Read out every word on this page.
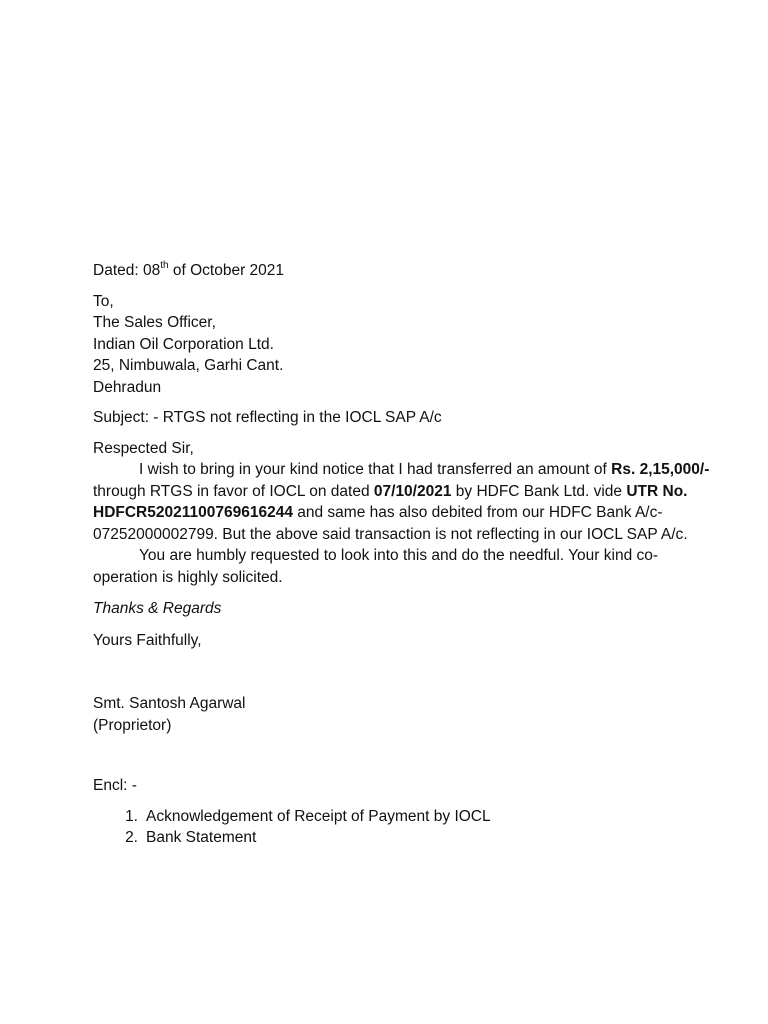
Dated: 08th of October 2021
To,
The Sales Officer,
Indian Oil Corporation Ltd.
25, Nimbuwala, Garhi Cant.
Dehradun
Subject: - RTGS not reflecting in the IOCL SAP A/c
Respected Sir,
I wish to bring in your kind notice that I had transferred an amount of Rs. 2,15,000/-
through RTGS in favor of IOCL on dated 07/10/2021 by HDFC Bank Ltd. vide UTR No.
HDFCR52021100769616244 and same has also debited from our HDFC Bank A/c-
07252000002799. But the above said transaction is not reflecting in our IOCL SAP A/c.
You are humbly requested to look into this and do the needful. Your kind co-
operation is highly solicited.
Thanks & Regards
Yours Faithfully,
Smt. Santosh Agarwal
(Proprietor)
Encl: -
1. Acknowledgement of Receipt of Payment by IOCL
2. Bank Statement
